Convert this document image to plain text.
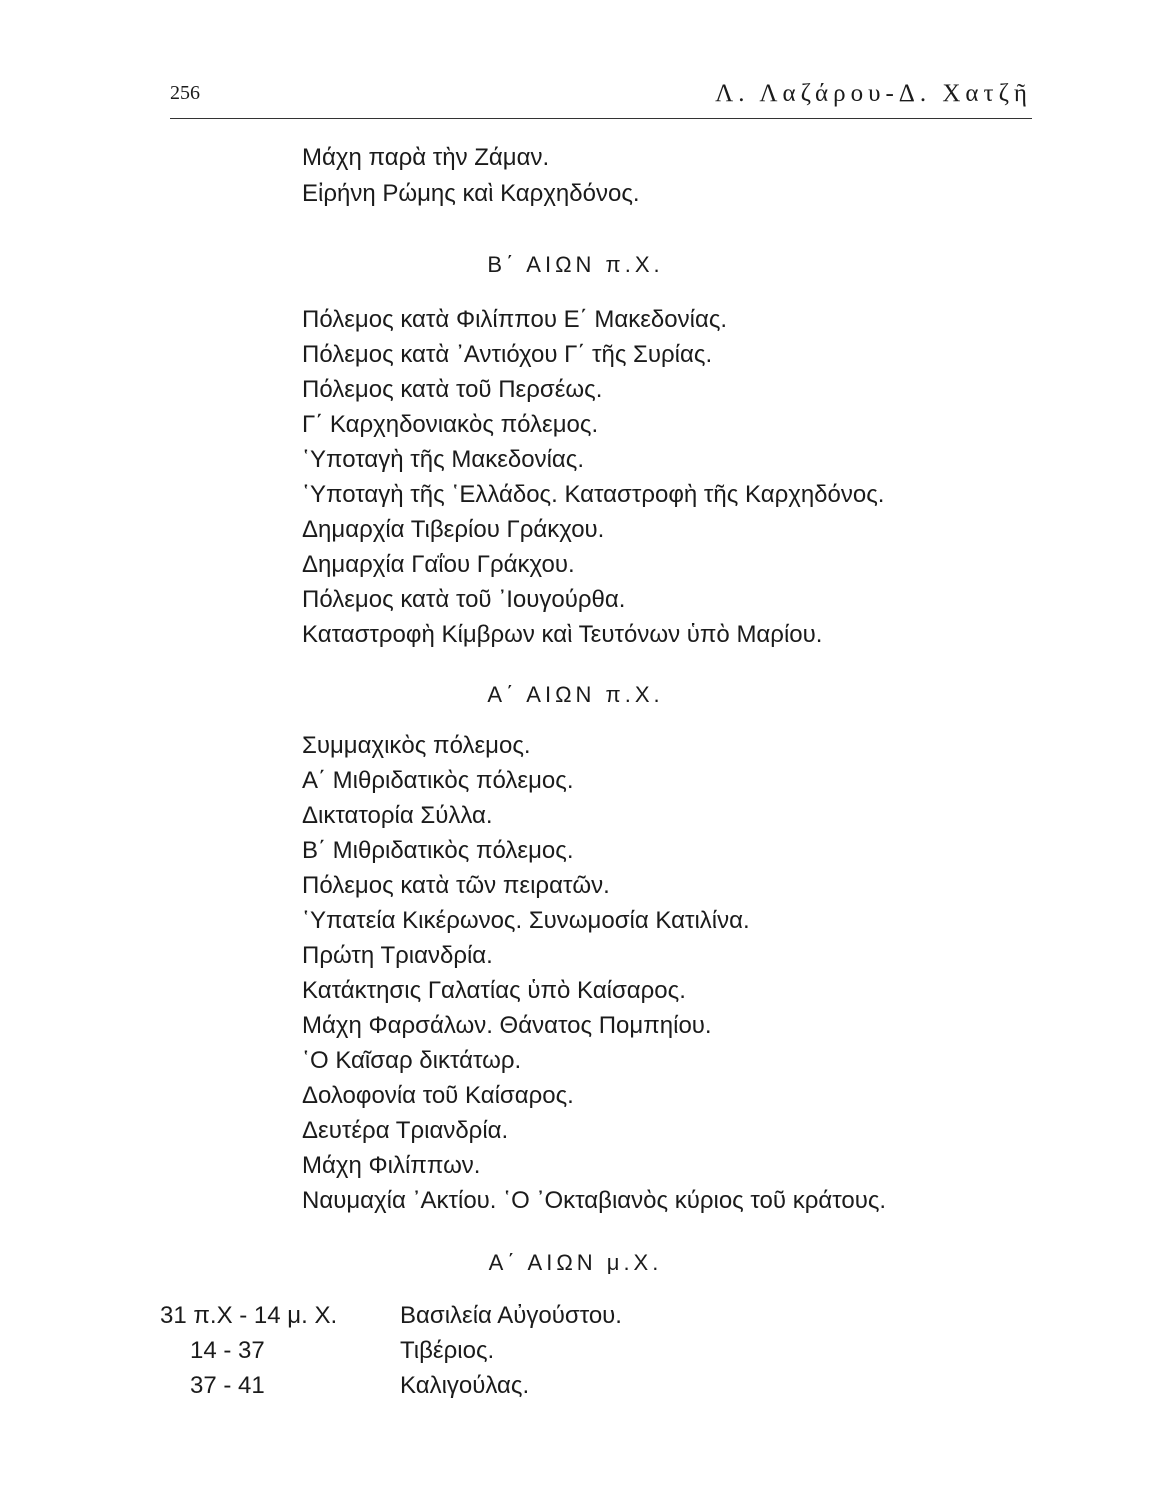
256	Λ. Λαζάρου-Δ. Χατζῆ
Μάχη παρὰ τὴν Ζάμαν.
Εἰρήνη Ρώμης καὶ Καρχηδόνος.
Β΄ ΑΙΩΝ π.Χ.
Πόλεμος κατὰ Φιλίππου Ε΄ Μακεδονίας.
Πόλεμος κατὰ ᾿Αντιόχου Γ΄ τῆς Συρίας.
Πόλεμος κατὰ τοῦ Περσέως.
Γ΄ Καρχηδονιακὸς πόλεμος.
῾Υποταγὴ τῆς Μακεδονίας.
῾Υποταγὴ τῆς ῾Ελλάδος. Καταστροφὴ τῆς Καρχηδόνος.
Δημαρχία Τιβερίου Γράκχου.
Δημαρχία Γαΐου Γράκχου.
Πόλεμος κατὰ τοῦ ᾿Ιουγούρθα.
Καταστροφὴ Κίμβρων καὶ Τευτόνων ὑπὸ Μαρίου.
Α΄ ΑΙΩΝ π.Χ.
Συμμαχικὸς πόλεμος.
Α΄ Μιθριδατικὸς πόλεμος.
Δικτατορία Σύλλα.
Β΄ Μιθριδατικὸς πόλεμος.
Πόλεμος κατὰ τῶν πειρατῶν.
῾Υπατεία Κικέρωνος. Συνωμοσία Κατιλίνα.
Πρώτη Τριανδρία.
Κατάκτησις Γαλατίας ὑπὸ Καίσαρος.
Μάχη Φαρσάλων. Θάνατος Πομπηίου.
῾Ο Καῖσαρ δικτάτωρ.
Δολοφονία τοῦ Καίσαρος.
Δευτέρα Τριανδρία.
Μάχη Φιλίππων.
Ναυμαχία ᾿Ακτίου. ῾Ο ᾿Οκταβιανὸς κύριος τοῦ κράτους.
Α΄ ΑΙΩΝ μ.Χ.
31 π.Χ - 14 μ. Χ.	Βασιλεία Αὐγούστου.
14 - 37	Τιβέριος.
37 - 41	Καλιγούλας.
